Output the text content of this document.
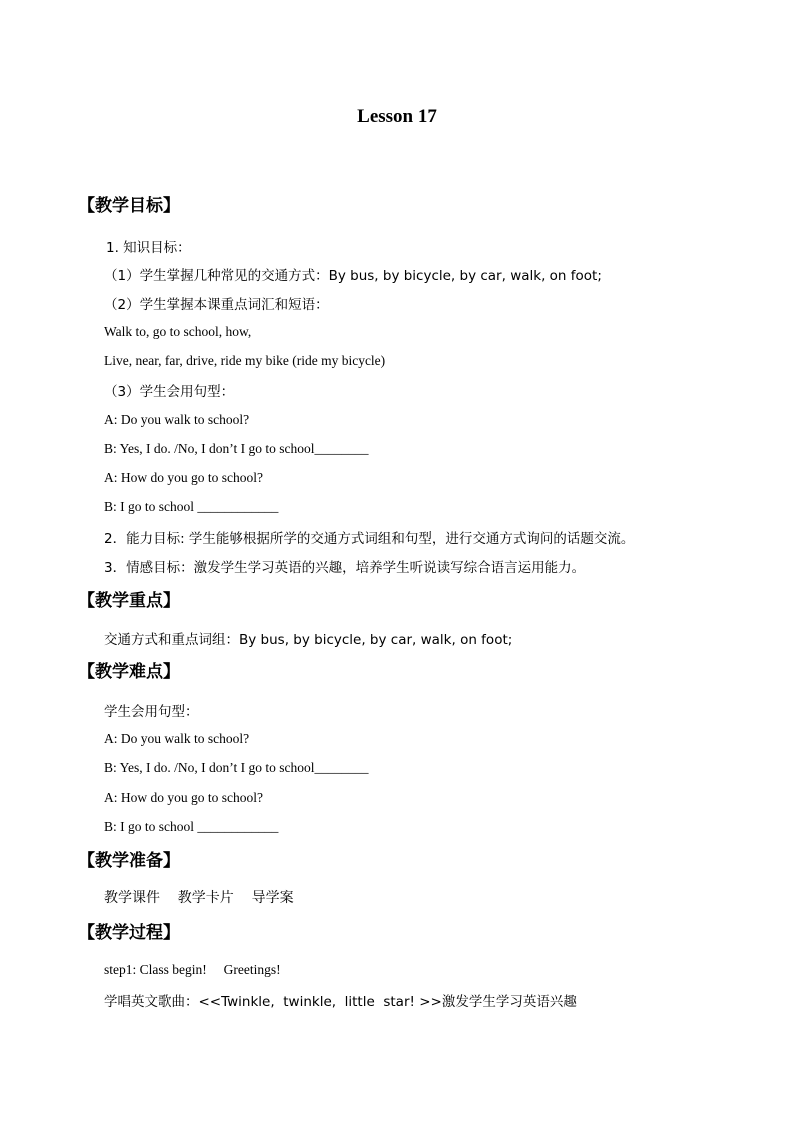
Lesson 17
【教学目标】
1. 知识目标：
（1）学生掌握几种常见的交通方式：By bus, by bicycle, by car, walk, on foot;
（2）学生掌握本课重点词汇和短语：
Walk to, go to school, how,
Live, near, far, drive, ride my bike (ride my bicycle)
（3）学生会用句型：
A: Do you walk to school?
B: Yes, I do. /No, I don’t I go to school________
A: How do you go to school?
B: I go to school ____________
2．能力目标: 学生能够根据所学的交通方式词组和句型，进行交通方式询问的话题交流。
3．情感目标：激发学生学习英语的兴趣，培养学生听说读写综合语言运用能力。
【教学重点】
交通方式和重点词组：By bus, by bicycle, by car, walk, on foot;
【教学难点】
学生会用句型：
A: Do you walk to school?
B: Yes, I do. /No, I don’t I go to school________
A: How do you go to school?
B: I go to school ____________
【教学准备】
教学课件    教学卡片    导学案
【教学过程】
step1: Class begin!     Greetings!
学唱英文歌曲：<<Twinkle,  twinkle,  little  star! >>激发学生学习英语兴趣
